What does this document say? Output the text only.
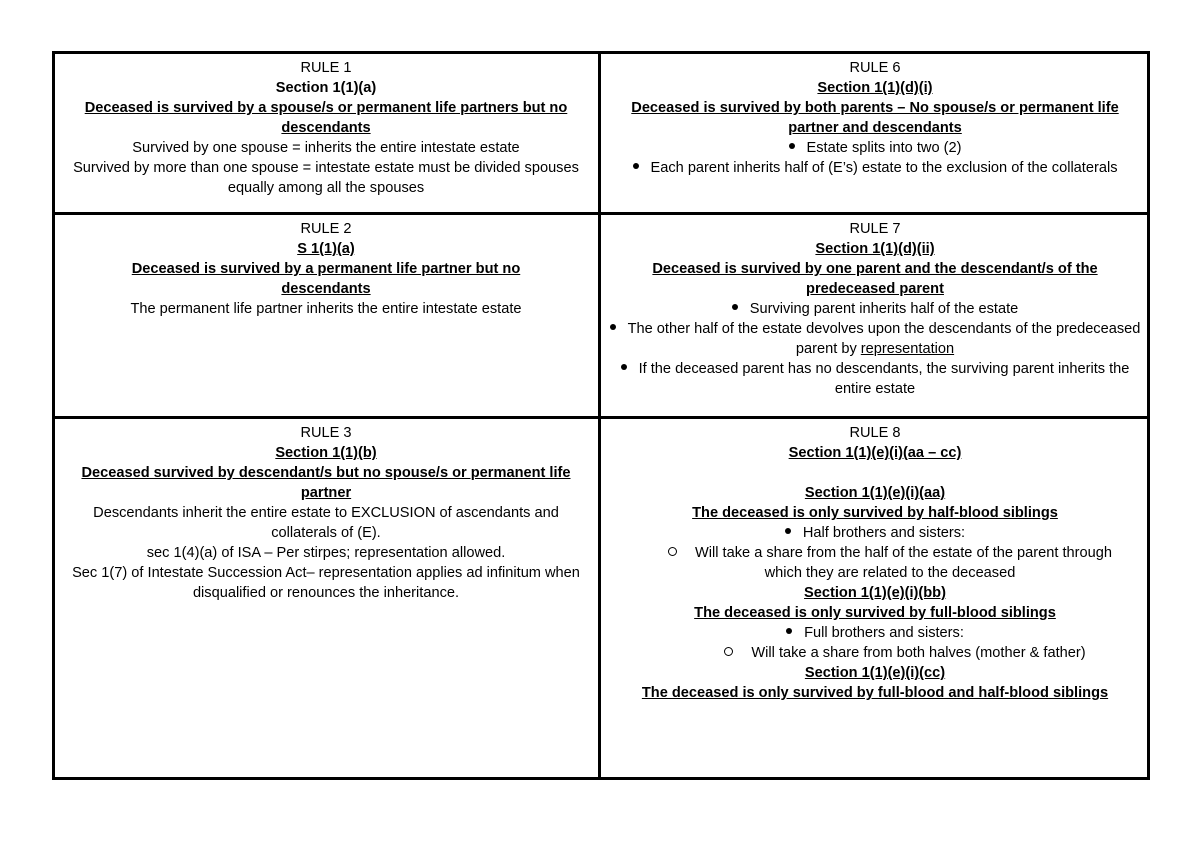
RULE 1
Section 1(1)(a)
Deceased is survived by a spouse/s or permanent life partners but no descendants
Survived by one spouse = inherits the entire intestate estate
Survived by more than one spouse = intestate estate must be divided spouses equally among all the spouses
RULE 6
Section 1(1)(d)(i)
Deceased is survived by both parents – No spouse/s or permanent life partner and descendants
Estate splits into two (2)
Each parent inherits half of (E’s) estate to the exclusion of the collaterals
RULE 2
S 1(1)(a)
Deceased is survived by a permanent life partner but no descendants
The permanent life partner inherits the entire intestate estate
RULE 7
Section 1(1)(d)(ii)
Deceased is survived by one parent and the descendant/s of the predeceased parent
Surviving parent inherits half of the estate
The other half of the estate devolves upon the descendants of the predeceased parent by representation
If the deceased parent has no descendants, the surviving parent inherits the entire estate
RULE 3
Section 1(1)(b)
Deceased survived by descendant/s but no spouse/s or permanent life partner
Descendants inherit the entire estate to EXCLUSION of ascendants and collaterals of (E).
sec 1(4)(a) of ISA – Per stirpes; representation allowed.
Sec 1(7) of Intestate Succession Act– representation applies ad infinitum when disqualified or renounces the inheritance.
RULE 8
Section 1(1)(e)(i)(aa – cc)
Section 1(1)(e)(i)(aa)
The deceased is only survived by half-blood siblings
Half brothers and sisters:
Will take a share from the half of the estate of the parent through which they are related to the deceased
Section 1(1)(e)(i)(bb)
The deceased is only survived by full-blood siblings
Full brothers and sisters:
Will take a share from both halves (mother & father)
Section 1(1)(e)(i)(cc)
The deceased is only survived by full-blood and half-blood siblings
